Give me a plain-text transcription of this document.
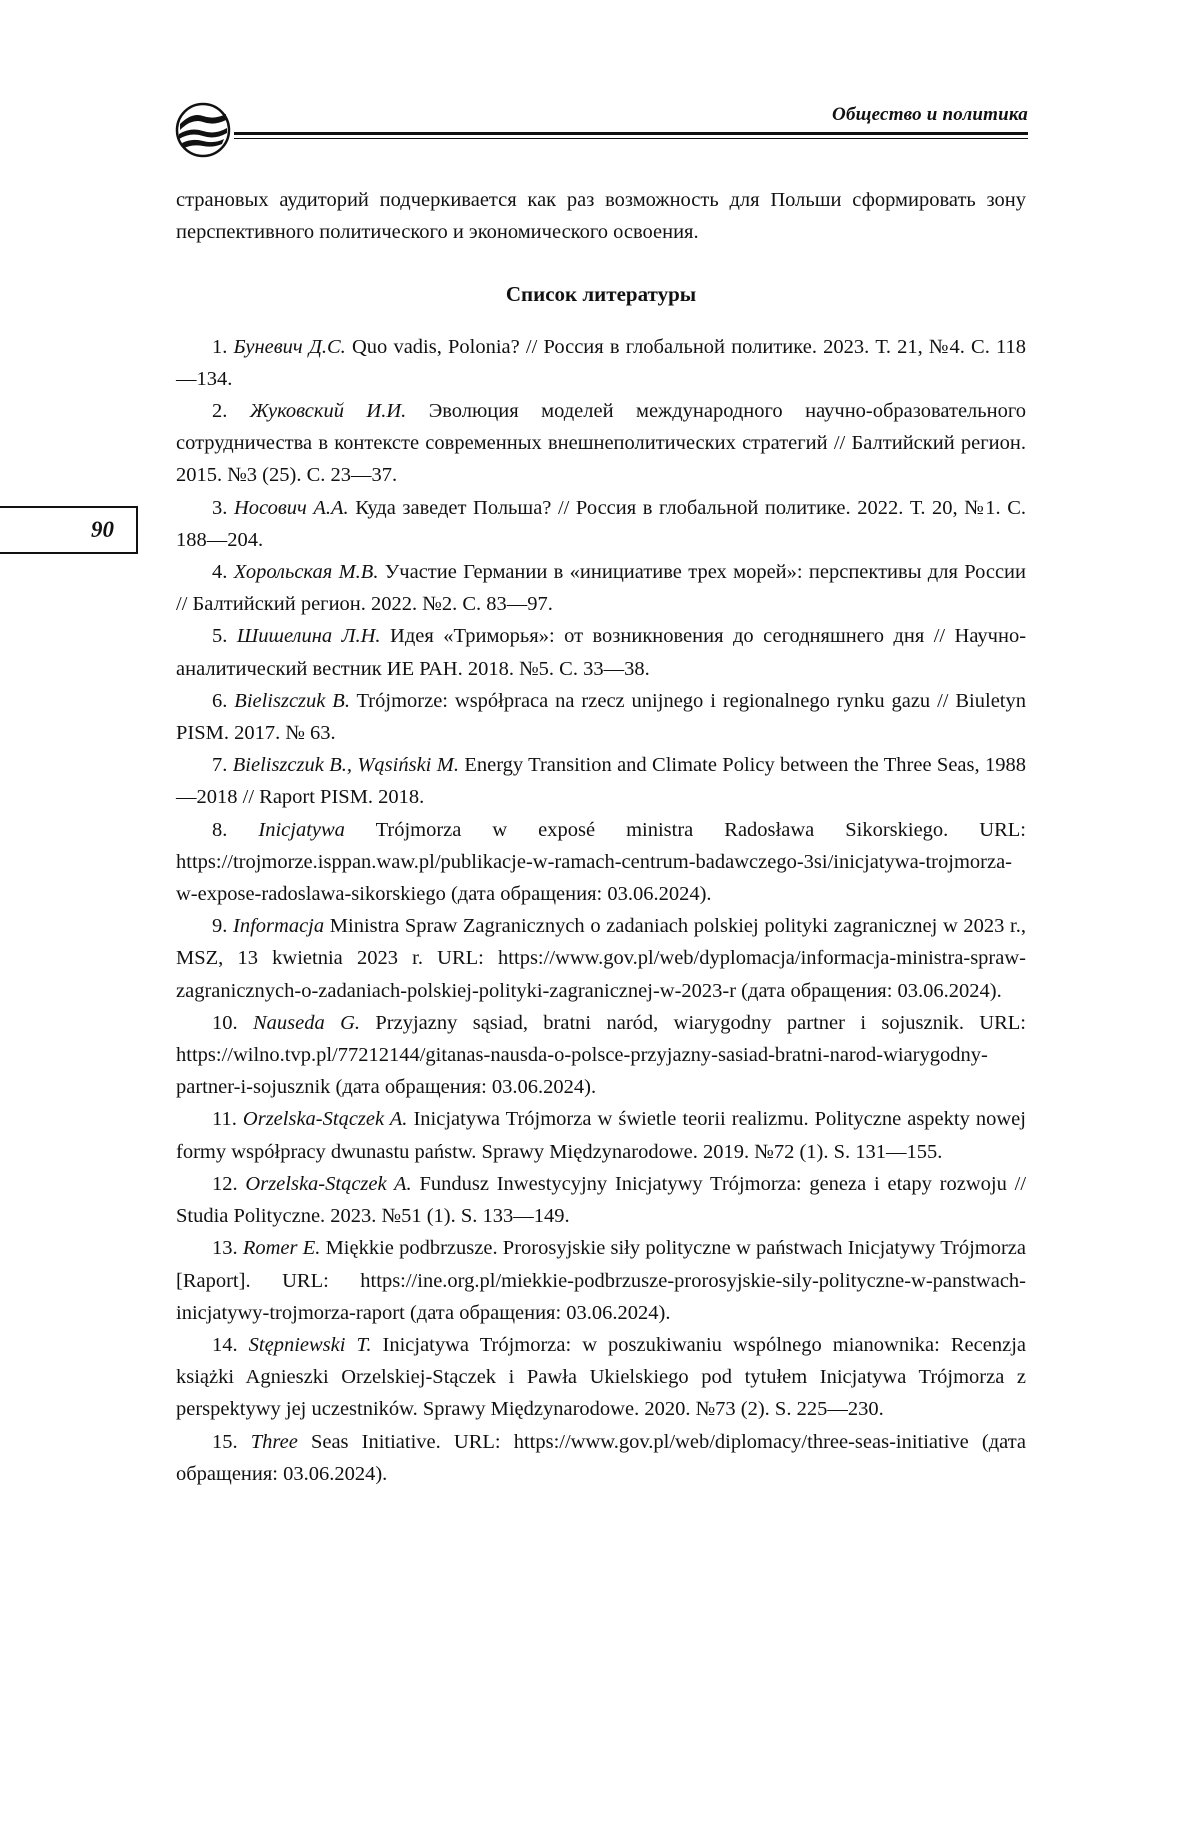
Общество и политика
90

страновых аудиторий подчеркивается как раз возможность для Польши сформировать зону перспективного политического и экономического освоения.

Список литературы
1. Буневич Д.С. Quo vadis, Polonia? // Россия в глобальной политике. 2023. Т. 21, №4. С. 118—134.
2. Жуковский И.И. Эволюция моделей международного научно-образовательного сотрудничества в контексте современных внешнеполитических стратегий // Балтийский регион. 2015. №3 (25). С. 23—37.
3. Носович А.А. Куда заведет Польша? // Россия в глобальной политике. 2022. Т. 20, №1. С. 188—204.
4. Хорольская М.В. Участие Германии в «инициативе трех морей»: перспективы для России // Балтийский регион. 2022. №2. С. 83—97.
5. Шишелина Л.Н. Идея «Триморья»: от возникновения до сегодняшнего дня // Научно-аналитический вестник ИЕ РАН. 2018. №5. С. 33—38.
6. Bieliszczuk B. Trójmorze: współpraca na rzecz unijnego i regionalnego rynku gazu // Biuletyn PISM. 2017. № 63.
7. Bieliszczuk B., Wąsiński M. Energy Transition and Climate Policy between the Three Seas, 1988—2018 // Raport PISM. 2018.
8. Inicjatywa Trójmorza w exposé ministra Radosława Sikorskiego. URL: https://trojmorze.isppan.waw.pl/publikacje-w-ramach-centrum-badawczego-3si/inicjatywa-trojmorza-w-expose-radoslawa-sikorskiego (дата обращения: 03.06.2024).
9. Informacja Ministra Spraw Zagranicznych o zadaniach polskiej polityki zagranicznej w 2023 r., MSZ, 13 kwietnia 2023 r. URL: https://www.gov.pl/web/dyplomacja/informacja-ministra-spraw-zagranicznych-o-zadaniach-polskiej-polityki-zagranicznej-w-2023-r (дата обращения: 03.06.2024).
10. Nauseda G. Przyjazny sąsiad, bratni naród, wiarygodny partner i sojusznik. URL: https://wilno.tvp.pl/77212144/gitanas-nausda-o-polsce-przyjazny-sasiad-bratni-narod-wiarygodny-partner-i-sojusznik (дата обращения: 03.06.2024).
11. Orzelska-Stączek A. Inicjatywa Trójmorza w świetle teorii realizmu. Polityczne aspekty nowej formy współpracy dwunastu państw. Sprawy Międzynarodowe. 2019. №72 (1). S. 131—155.
12. Orzelska-Stączek A. Fundusz Inwestycyjny Inicjatywy Trójmorza: geneza i etapy rozwoju // Studia Polityczne. 2023. №51 (1). S. 133—149.
13. Romer E. Miękkie podbrzusze. Prorosyjskie siły polityczne w państwach Inicjatywy Trójmorza [Raport]. URL: https://ine.org.pl/miekkie-podbrzusze-prorosyjskie-sily-polityczne-w-panstwach-inicjatywy-trojmorza-raport (дата обращения: 03.06.2024).
14. Stępniewski T. Inicjatywa Trójmorza: w poszukiwaniu wspólnego mianownika: Recenzja książki Agnieszki Orzelskiej-Stączek i Pawła Ukielskiego pod tytułem Inicjatywa Trójmorza z perspektywy jej uczestników. Sprawy Międzynarodowe. 2020. №73 (2). S. 225—230.
15. Three Seas Initiative. URL: https://www.gov.pl/web/diplomacy/three-seas-initiative (дата обращения: 03.06.2024).
